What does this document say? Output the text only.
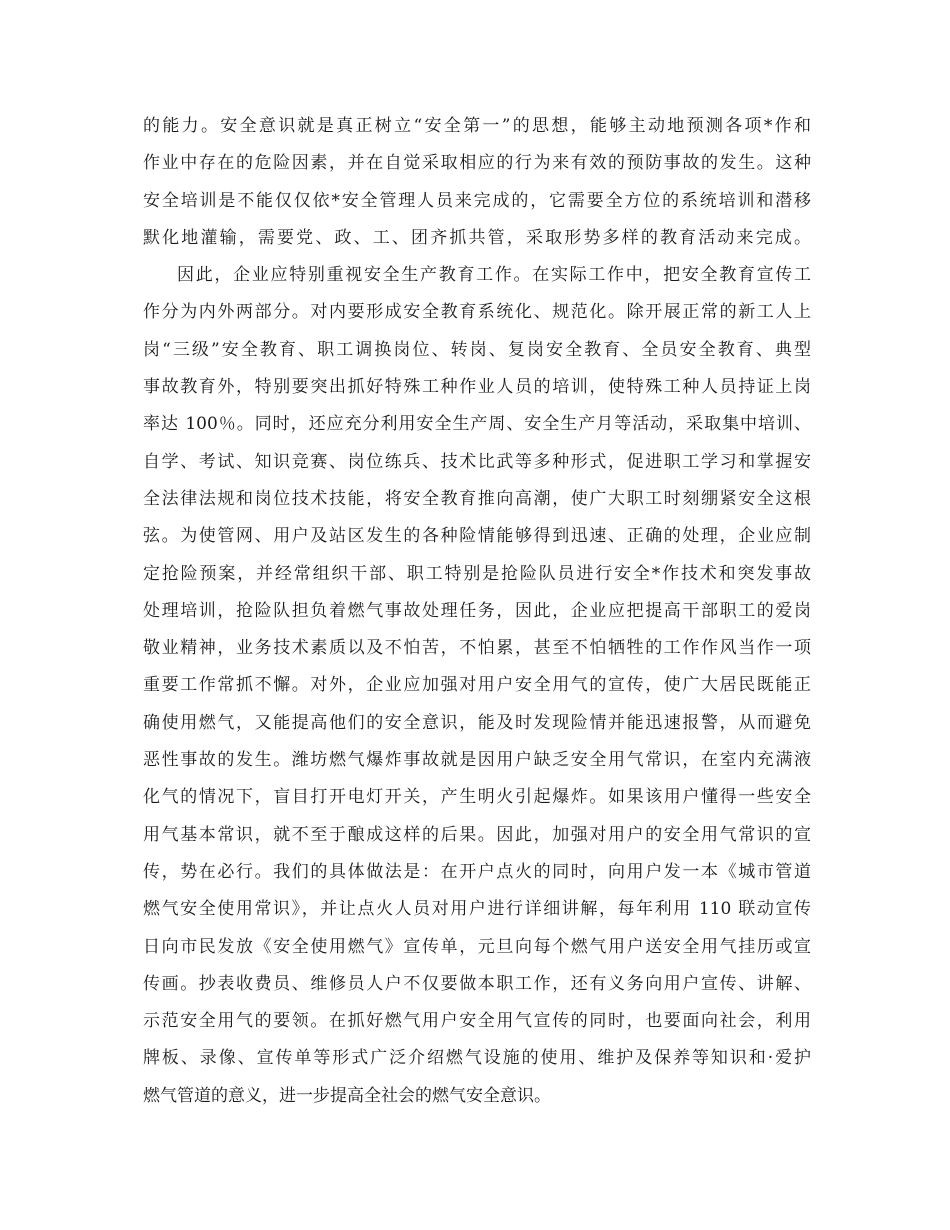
的能力。安全意识就是真正树立“安全第一”的思想，能够主动地预测各项*作和
作业中存在的危险因素，并在自觉采取相应的行为来有效的预防事故的发生。这种
安全培训是不能仅仅依*安全管理人员来完成的，它需要全方位的系统培训和潜移
默化地灌输，需要党、政、工、团齐抓共管，采取形势多样的教育活动来完成。
因此，企业应特别重视安全生产教育工作。在实际工作中，把安全教育宣传工
作分为内外两部分。对内要形成安全教育系统化、规范化。除开展正常的新工人上
岗“三级”安全教育、职工调换岗位、转岗、复岗安全教育、全员安全教育、典型
事故教育外，特别要突出抓好特殊工种作业人员的培训，使特殊工种人员持证上岗
率达 100％。同时，还应充分利用安全生产周、安全生产月等活动，采取集中培训、
自学、考试、知识竞赛、岗位练兵、技术比武等多种形式，促进职工学习和掌握安
全法律法规和岗位技术技能，将安全教育推向高潮，使广大职工时刻绷紧安全这根
弦。为使管网、用户及站区发生的各种险情能够得到迅速、正确的处理，企业应制
定抢险预案，并经常组织干部、职工特别是抢险队员进行安全*作技术和突发事故
处理培训，抢险队担负着燃气事故处理任务，因此，企业应把提高干部职工的爱岗
敬业精神，业务技术素质以及不怕苦，不怕累，甚至不怕牺牲的工作作风当作一项
重要工作常抓不懈。对外，企业应加强对用户安全用气的宣传，使广大居民既能正
确使用燃气，又能提高他们的安全意识，能及时发现险情并能迅速报警，从而避免
恶性事故的发生。潍坊燃气爆炸事故就是因用户缺乏安全用气常识，在室内充满液
化气的情况下，盲目打开电灯开关，产生明火引起爆炸。如果该用户懂得一些安全
用气基本常识，就不至于酿成这样的后果。因此，加强对用户的安全用气常识的宣
传，势在必行。我们的具体做法是：在开户点火的同时，向用户发一本《城市管道
燃气安全使用常识》，并让点火人员对用户进行详细讲解，每年利用 110 联动宣传
日向市民发放《安全使用燃气》宣传单，元旦向每个燃气用户送安全用气挂历或宣
传画。抄表收费员、维修员人户不仅要做本职工作，还有义务向用户宣传、讲解、
示范安全用气的要领。在抓好燃气用户安全用气宣传的同时，也要面向社会，利用
牌板、录像、宣传单等形式广泛介绍燃气设施的使用、维护及保养等知识和·爱护
燃气管道的意义，进一步提高全社会的燃气安全意识。
